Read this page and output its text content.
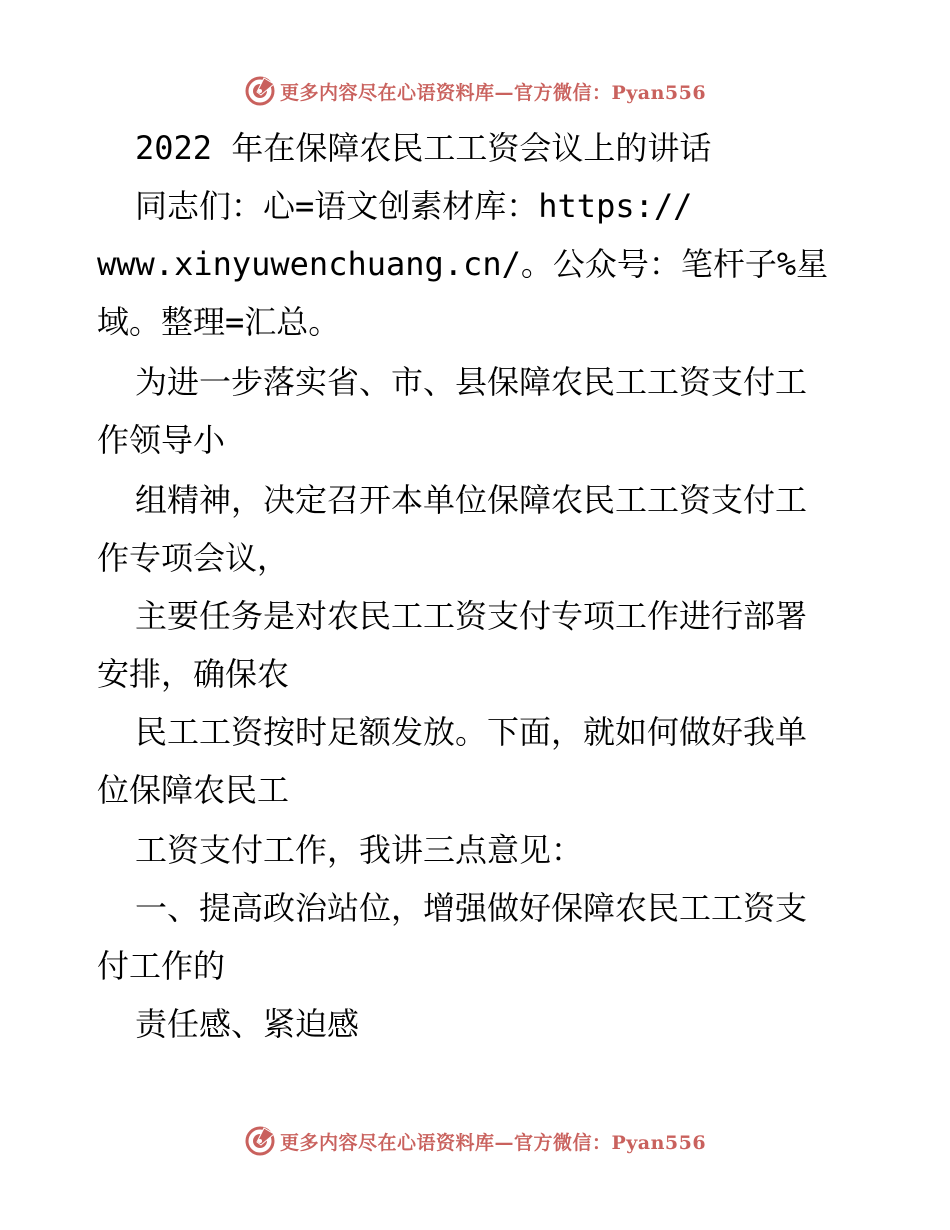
更多内容尽在心语资料库—官方微信：Pyan556
2022 年在保障农民工工资会议上的讲话
同志们：心=语文创素材库：https://
www.xinyuwenchuang.cn/。公众号：笔杆子%星
域。整理=汇总。
为进一步落实省、市、县保障农民工工资支付工
作领导小
组精神，决定召开本单位保障农民工工资支付工
作专项会议，
主要任务是对农民工工资支付专项工作进行部署
安排，确保农
民工工资按时足额发放。下面，就如何做好我单
位保障农民工
工资支付工作，我讲三点意见：
一、提高政治站位，增强做好保障农民工工资支
付工作的
责任感、紧迫感
更多内容尽在心语资料库—官方微信：Pyan556
